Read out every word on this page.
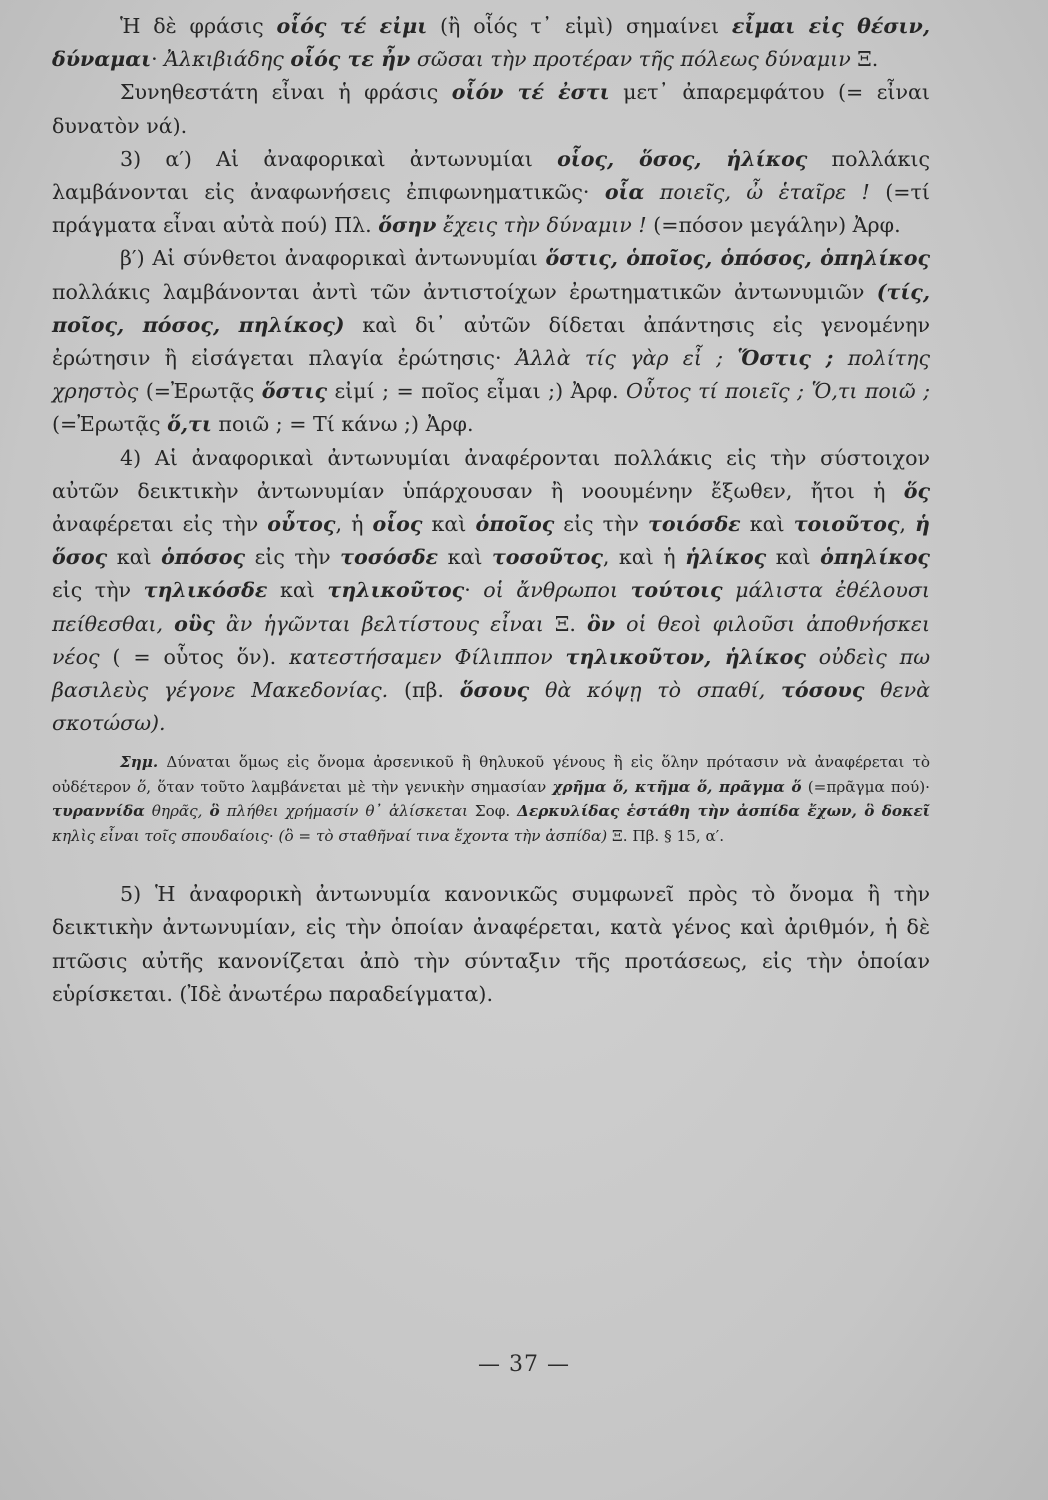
Ἡ δὲ φράσις οἷός τέ εἰμι (ἢ οἷός τ᾽ εἰμὶ) σημαίνει εἶμαι εἰς θέσιν, δύναμαι· Ἀλκιβιάδης οἷός τε ἦν σῶσαι τὴν προτέραν τῆς πόλεως δύναμιν Ξ.

Συνηθεστάτη εἶναι ἡ φράσις οἷόν τέ ἐστι μετ᾽ ἀπαρεμφάτου (= εἶναι δυνατὸν νά).

3) α′) Αἱ ἀναφορικαὶ ἀντωνυμίαι οἷος, ὅσος, ἡλίκος πολλάκις λαμβάνονται εἰς ἀναφωνήσεις ἐπιφωνηματικῶς· οἷα ποιεῖς, ὦ ἑταῖρε ! (=τί πράγματα εἶναι αὐτὰ πού) Πλ. ὅσην ἔχεις τὴν δύναμιν ! (=πόσον μεγάλην) Ἀρφ.

β′) Αἱ σύνθετοι ἀναφορικαὶ ἀντωνυμίαι ὅστις, ὁποῖος, ὁπόσος, ὁπηλίκος πολλάκις λαμβάνονται ἀντὶ τῶν ἀντιστοίχων ἐρωτηματικῶν ἀντωνυμιῶν (τίς, ποῖος, πόσος, πηλίκος) καὶ δι᾽ αὐτῶν δίδεται ἀπάντησις εἰς γενομένην ἐρώτησιν ἢ εἰσάγεται πλαγία ἐρώτησις· Ἀλλὰ τίς γὰρ εἶ ; Ὅστις ; πολίτης χρηστὸς (=Ἐρωτᾷς ὅστις εἰμί ; = ποῖος εἶμαι ;) Ἀρφ. Οὗτος τί ποιεῖς ; Ὅ,τι ποιῶ ; (=Ἐρωτᾷς ὅ,τι ποιῶ ; = Τί κάνω ;) Ἀρφ.

4) Αἱ ἀναφορικαὶ ἀντωνυμίαι ἀναφέρονται πολλάκις εἰς τὴν σύστοιχον αὐτῶν δεικτικὴν ἀντωνυμίαν ὑπάρχουσαν ἢ νοουμένην ἔξωθεν, ἤτοι ἡ ὅς ἀναφέρεται εἰς τὴν οὗτος, ἡ οἷος καὶ ὁποῖος εἰς τὴν τοιόσδε καὶ τοιοῦτος, ἡ ὅσος καὶ ὁπόσος εἰς τὴν τοσόσδε καὶ τοσοῦτος, καὶ ἡ ἡλίκος καὶ ὁπηλίκος εἰς τὴν τηλικόσδε καὶ τηλικοῦτος· οἱ ἄνθρωποι τούτοις μάλιστα ἐθέλουσι πείθεσθαι, οὓς ἂν ἡγῶνται βελτίστους εἶναι Ξ. ὃν οἱ θεοὶ φιλοῦσι ἀποθνήσκει νέος ( = οὗτος ὅν). κατεστήσαμεν Φίλιππον τηλικοῦτον, ἡλίκος οὐδεὶς πω βασιλεὺς γέγονε Μακεδονίας. (πβ. ὅσους θὰ κόψῃ τὸ σπαθί, τόσους θενὰ σκοτώσω).

Σημ. Δύναται ὅμως εἰς ὄνομα ἀρσενικοῦ ἢ θηλυκοῦ γένους ἢ εἰς ὅλην πρότασιν νὰ ἀναφέρεται τὸ οὐδέτερον ὅ, ὅταν τοῦτο λαμβάνεται μὲ τὴν γενικὴν σημασίαν χρῆμα ὅ, κτῆμα ὅ, πρᾶγμα ὅ (=πρᾶγμα πού)· τυραννίδα θηρᾶς, ὃ πλήθει χρήμασίν θ᾽ ἁλίσκεται Σοφ. Δερκυλίδας ἑστάθη τὴν ἀσπίδα ἔχων, ὃ δοκεῖ κηλὶς εἶναι τοῖς σπουδαίοις· (ὃ = τὸ σταθῆναί τινα ἔχοντα τὴν ἀσπίδα) Ξ. Πβ. § 15, α′.

5) Ἡ ἀναφορικὴ ἀντωνυμία κανονικῶς συμφωνεῖ πρὸς τὸ ὄνομα ἢ τὴν δεικτικὴν ἀντωνυμίαν, εἰς τὴν ὁποίαν ἀναφέρεται, κατὰ γένος καὶ ἀριθμόν, ἡ δὲ πτῶσις αὐτῆς κανονίζεται ἀπὸ τὴν σύνταξιν τῆς προτάσεως, εἰς τὴν ὁποίαν εὑρίσκεται. (Ἰδὲ ἀνωτέρω παραδείγματα).

— 37 —
